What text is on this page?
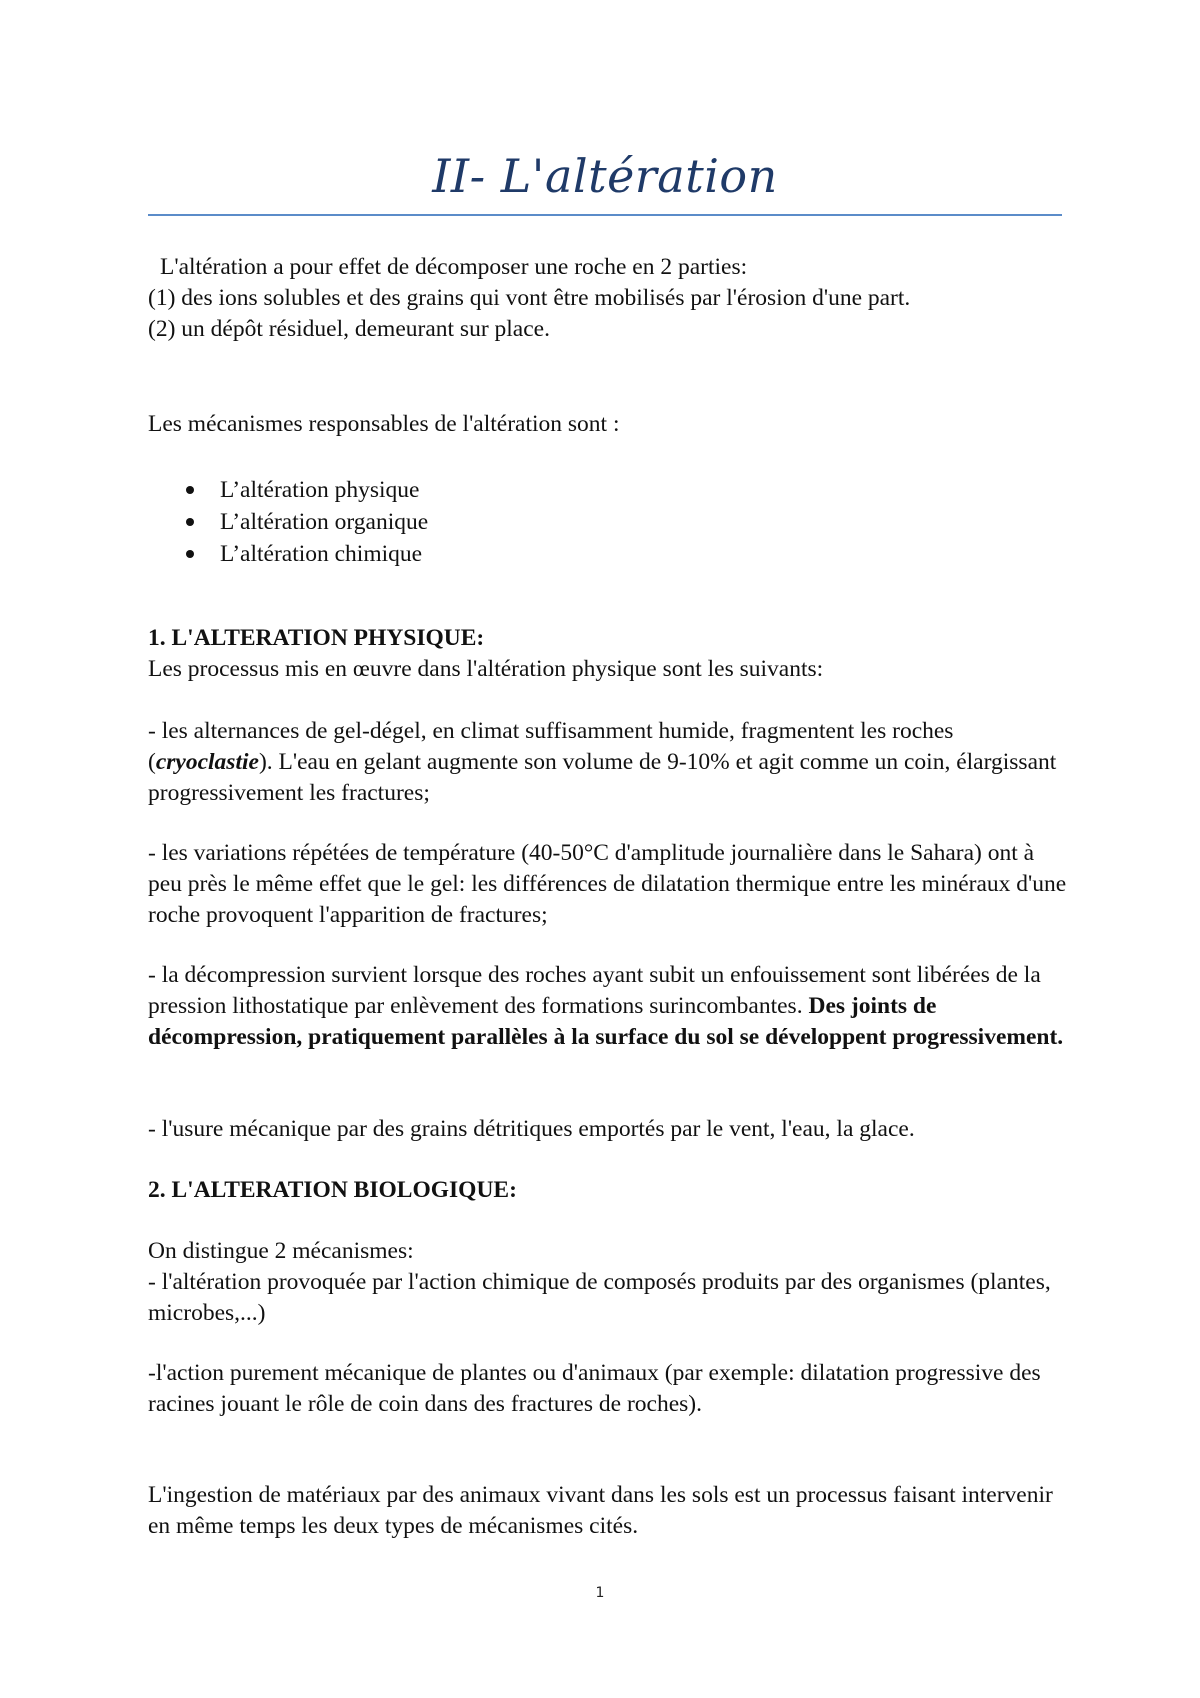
II- L'altération

L'altération a pour effet de décomposer une roche en 2 parties:

(1) des ions solubles et des grains qui vont être mobilisés par l'érosion d'une part.

(2) un dépôt résiduel, demeurant sur place.

Les mécanismes responsables de l'altération sont :

L’altération physique
L’altération organique
L’altération chimique

1. L'ALTERATION PHYSIQUE:

Les processus mis en œuvre dans l'altération physique sont les suivants:

- les alternances de gel-dégel, en climat suffisamment humide, fragmentent les roches (cryoclastie). L'eau en gelant augmente son volume de 9-10% et agit comme un coin, élargissant progressivement les fractures;

- les variations répétées de température (40-50°C d'amplitude journalière dans le Sahara) ont à peu près le même effet que le gel: les différences de dilatation thermique entre les minéraux d'une roche provoquent l'apparition de fractures;

- la décompression survient lorsque des roches ayant subit un enfouissement sont libérées de la pression lithostatique par enlèvement des formations surincombantes. Des joints de décompression, pratiquement parallèles à la surface du sol se développent progressivement.

- l'usure mécanique par des grains détritiques emportés par le vent, l'eau, la glace.

2. L'ALTERATION BIOLOGIQUE:

On distingue 2 mécanismes:

- l'altération provoquée par l'action chimique de composés produits par des organismes (plantes, microbes,...)

-l'action purement mécanique de plantes ou d'animaux (par exemple: dilatation progressive des racines jouant le rôle de coin dans des fractures de roches).

L'ingestion de matériaux par des animaux vivant dans les sols est un processus faisant intervenir en même temps les deux types de mécanismes cités.

1
